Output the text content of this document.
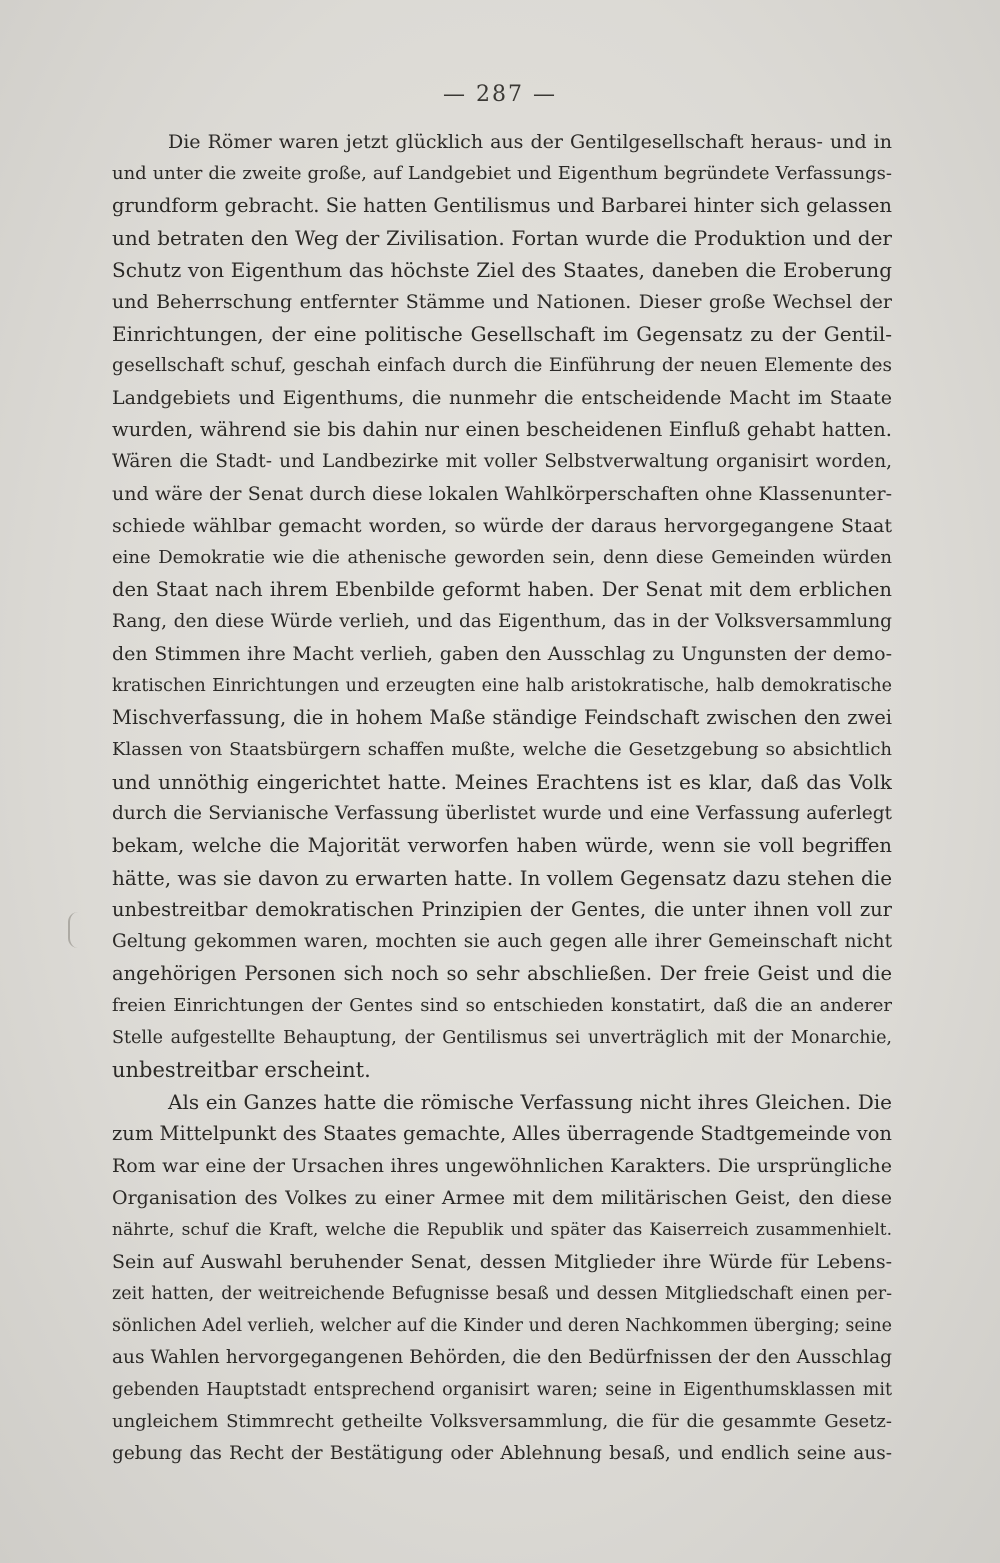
— 287 —
Die Römer waren jetzt glücklich aus der Gentilgesellschaft heraus- und in
und unter die zweite große, auf Landgebiet und Eigenthum begründete Verfassungs-
grundform gebracht. Sie hatten Gentilismus und Barbarei hinter sich gelassen
und betraten den Weg der Zivilisation. Fortan wurde die Produktion und der
Schutz von Eigenthum das höchste Ziel des Staates, daneben die Eroberung
und Beherrschung entfernter Stämme und Nationen. Dieser große Wechsel der
Einrichtungen, der eine politische Gesellschaft im Gegensatz zu der Gentil-
gesellschaft schuf, geschah einfach durch die Einführung der neuen Elemente des
Landgebiets und Eigenthums, die nunmehr die entscheidende Macht im Staate
wurden, während sie bis dahin nur einen bescheidenen Einfluß gehabt hatten.
Wären die Stadt- und Landbezirke mit voller Selbstverwaltung organisirt worden,
und wäre der Senat durch diese lokalen Wahlkörperschaften ohne Klassenunter-
schiede wählbar gemacht worden, so würde der daraus hervorgegangene Staat
eine Demokratie wie die athenische geworden sein, denn diese Gemeinden würden
den Staat nach ihrem Ebenbilde geformt haben. Der Senat mit dem erblichen
Rang, den diese Würde verlieh, und das Eigenthum, das in der Volksversammlung
den Stimmen ihre Macht verlieh, gaben den Ausschlag zu Ungunsten der demo-
kratischen Einrichtungen und erzeugten eine halb aristokratische, halb demokratische
Mischverfassung, die in hohem Maße ständige Feindschaft zwischen den zwei
Klassen von Staatsbürgern schaffen mußte, welche die Gesetzgebung so absichtlich
und unnöthig eingerichtet hatte. Meines Erachtens ist es klar, daß das Volk
durch die Servianische Verfassung überlistet wurde und eine Verfassung auferlegt
bekam, welche die Majorität verworfen haben würde, wenn sie voll begriffen
hätte, was sie davon zu erwarten hatte. In vollem Gegensatz dazu stehen die
unbestreitbar demokratischen Prinzipien der Gentes, die unter ihnen voll zur
Geltung gekommen waren, mochten sie auch gegen alle ihrer Gemeinschaft nicht
angehörigen Personen sich noch so sehr abschließen. Der freie Geist und die
freien Einrichtungen der Gentes sind so entschieden konstatirt, daß die an anderer
Stelle aufgestellte Behauptung, der Gentilismus sei unverträglich mit der Monarchie,
unbestreitbar erscheint.
Als ein Ganzes hatte die römische Verfassung nicht ihres Gleichen. Die
zum Mittelpunkt des Staates gemachte, Alles überragende Stadtgemeinde von
Rom war eine der Ursachen ihres ungewöhnlichen Karakters. Die ursprüngliche
Organisation des Volkes zu einer Armee mit dem militärischen Geist, den diese
nährte, schuf die Kraft, welche die Republik und später das Kaiserreich zusammenhielt.
Sein auf Auswahl beruhender Senat, dessen Mitglieder ihre Würde für Lebens-
zeit hatten, der weitreichende Befugnisse besaß und dessen Mitgliedschaft einen per-
sönlichen Adel verlieh, welcher auf die Kinder und deren Nachkommen überging; seine
aus Wahlen hervorgegangenen Behörden, die den Bedürfnissen der den Ausschlag
gebenden Hauptstadt entsprechend organisirt waren; seine in Eigenthumsklassen mit
ungleichem Stimmrecht getheilte Volksversammlung, die für die gesammte Gesetz-
gebung das Recht der Bestätigung oder Ablehnung besaß, und endlich seine aus-
